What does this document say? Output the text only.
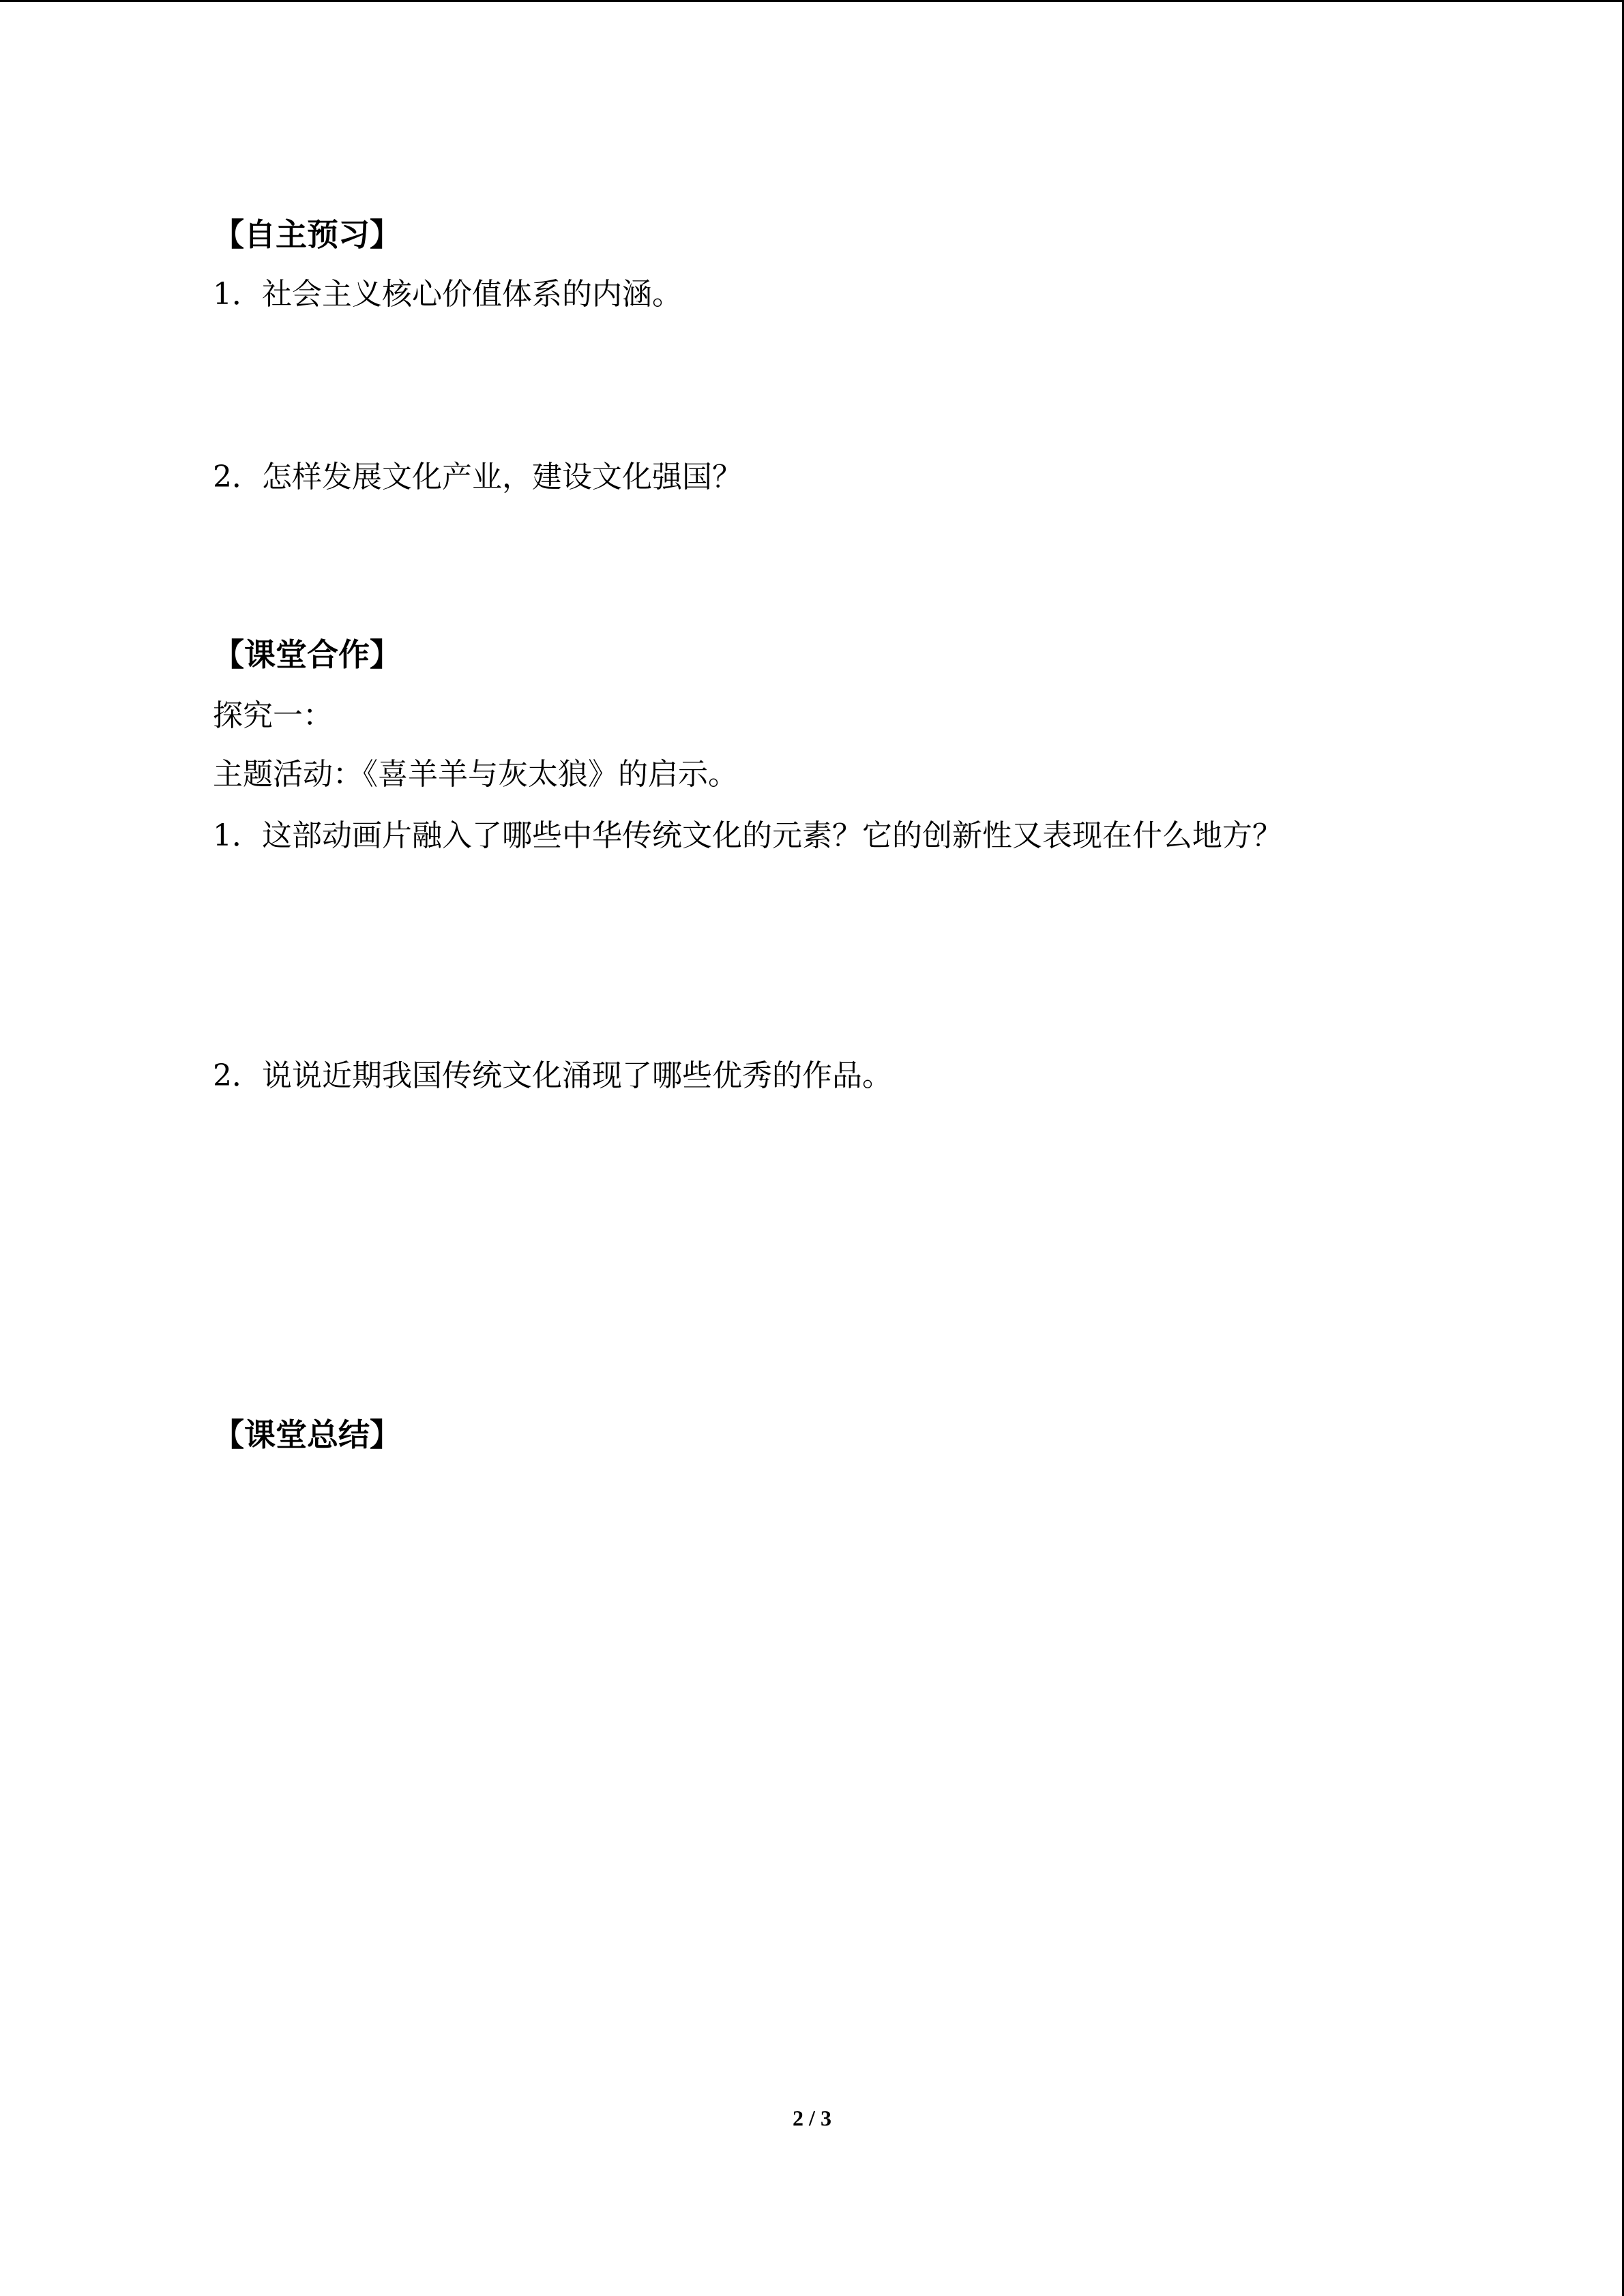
【自主预习】
1．社会主义核心价值体系的内涵。
2．怎样发展文化产业，建设文化强国？
【课堂合作】
探究一：
主题活动：《喜羊羊与灰太狼》的启示。
1．这部动画片融入了哪些中华传统文化的元素？它的创新性又表现在什么地方？
2．说说近期我国传统文化涌现了哪些优秀的作品。
【课堂总结】
2 / 3
